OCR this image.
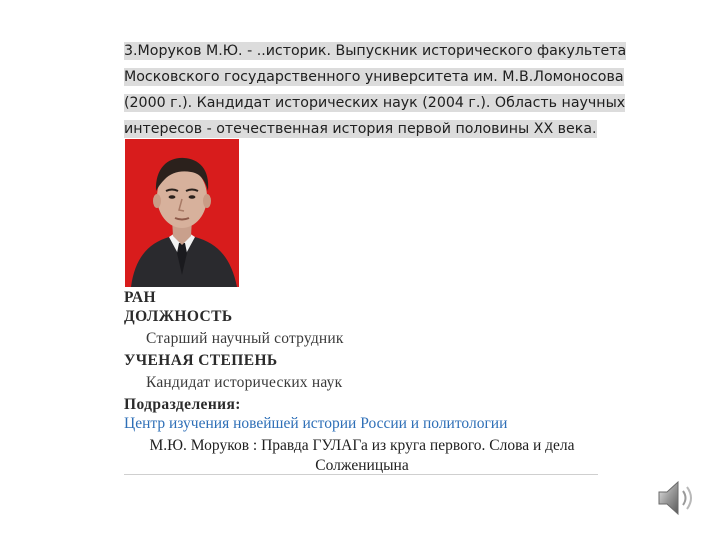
3.Моруков М.Ю. - ..историк. Выпускник исторического факультета
Московского государственного университета им. М.В.Ломоносова
(2000 г.). Кандидат исторических наук (2004 г.). Область научных
интересов - отечественная история первой половины XX века.

РАН
ДОЛЖНОСТЬ
Старший научный сотрудник
УЧЕНАЯ СТЕПЕНЬ
Кандидат исторических наук
Подразделения:
Центр изучения новейшей истории России и политологии
М.Ю. Моруков : Правда ГУЛАГа из круга первого. Слова и дела
Солженицына
